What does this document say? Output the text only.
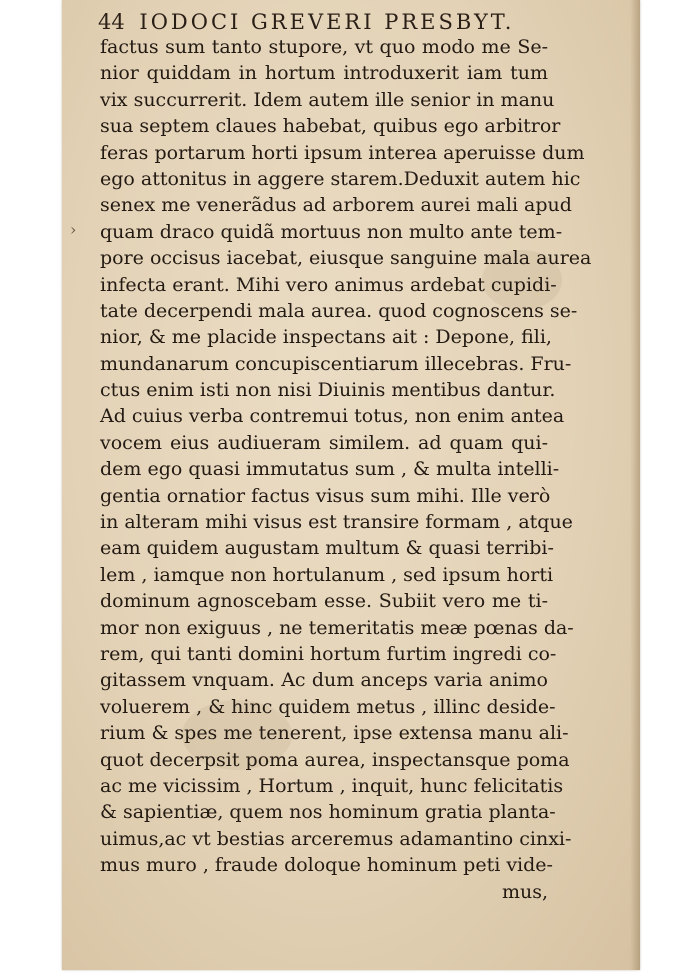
44 IODOCI GREVERI PRESBYT.
›
factus sum tanto stupore, vt quo modo me Se-
nior quiddam in hortum introduxerit iam tum
vix succurrerit. Idem autem ille senior in manu
sua septem claues habebat, quibus ego arbitror
feras portarum horti ipsum interea aperuisse dum
ego attonitus in aggere starem.Deduxit autem hic
senex me venerãdus ad arborem aurei mali apud
quam draco quidã mortuus non multo ante tem-
pore occisus iacebat, eiusque sanguine mala aurea
infecta erant. Mihi vero animus ardebat cupidi-
tate decerpendi mala aurea. quod cognoscens se-
nior, & me placide inspectans ait : Depone, fili,
mundanarum concupiscentiarum illecebras. Fru-
ctus enim isti non nisi Diuinis mentibus dantur.
Ad cuius verba contremui totus, non enim antea
vocem eius audiueram similem. ad quam qui-
dem ego quasi immutatus sum , & multa intelli-
gentia ornatior factus visus sum mihi. Ille verò
in alteram mihi visus est transire formam , atque
eam quidem augustam multum & quasi terribi-
lem , iamque non hortulanum , sed ipsum horti
dominum agnoscebam esse. Subiit vero me ti-
mor non exiguus , ne temeritatis meæ pœnas da-
rem, qui tanti domini hortum furtim ingredi co-
gitassem vnquam. Ac dum anceps varia animo
voluerem , & hinc quidem metus , illinc deside-
rium & spes me tenerent, ipse extensa manu ali-
quot decerpsit poma aurea, inspectansque poma
ac me vicissim , Hortum , inquit, hunc felicitatis
& sapientiæ, quem nos hominum gratia planta-
uimus,ac vt bestias arceremus adamantino cinxi-
mus muro , fraude doloque hominum peti vide-
mus,
